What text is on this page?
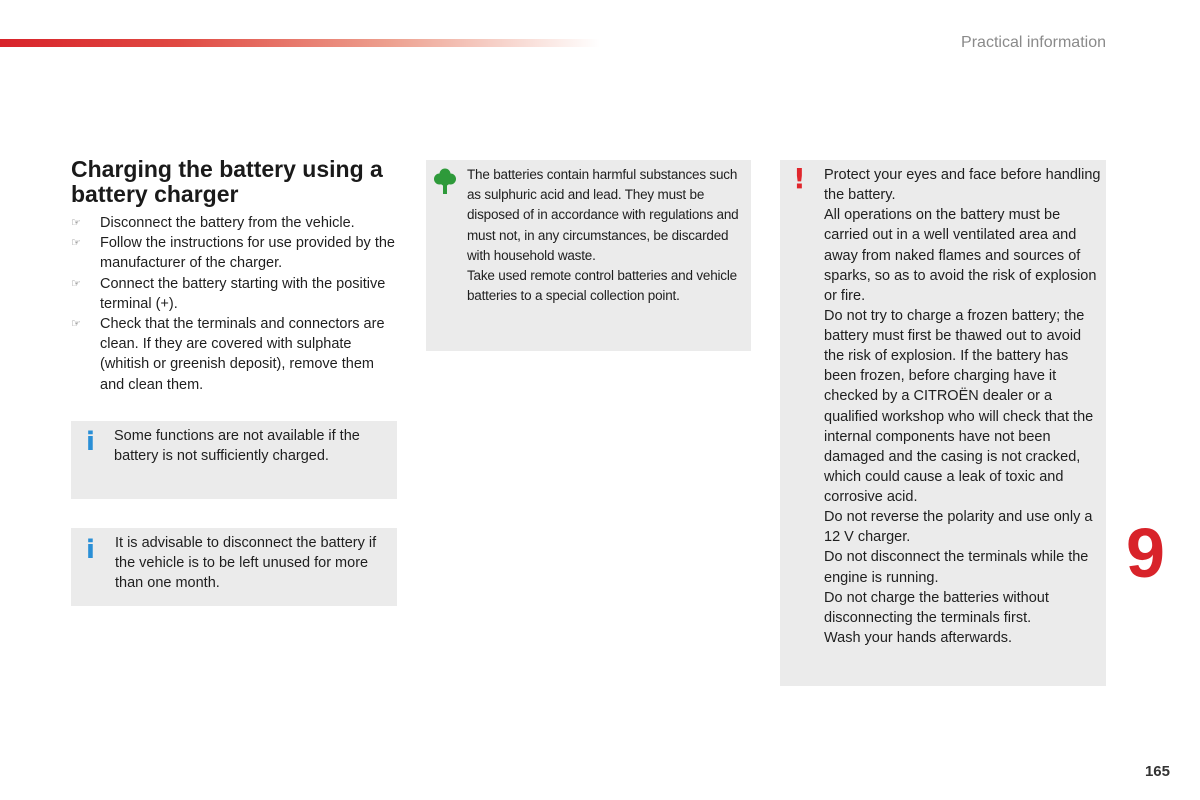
Practical information
Charging the battery using a battery charger
☞ Disconnect the battery from the vehicle.
☞ Follow the instructions for use provided by the manufacturer of the charger.
☞ Connect the battery starting with the positive terminal (+).
☞ Check that the terminals and connectors are clean. If they are covered with sulphate (whitish or greenish deposit), remove them and clean them.
i Some functions are not available if the battery is not sufficiently charged.
i It is advisable to disconnect the battery if the vehicle is to be left unused for more than one month.

The batteries contain harmful substances such as sulphuric acid and lead. They must be disposed of in accordance with regulations and must not, in any circumstances, be discarded with household waste.

Take used remote control batteries and vehicle batteries to a special collection point.

! Protect your eyes and face before handling the battery.

All operations on the battery must be carried out in a well ventilated area and away from naked flames and sources of sparks, so as to avoid the risk of explosion or fire.

Do not try to charge a frozen battery; the battery must first be thawed out to avoid the risk of explosion. If the battery has been frozen, before charging have it checked by a CITROËN dealer or a qualified workshop who will check that the internal components have not been damaged and the casing is not cracked, which could cause a leak of toxic and corrosive acid.

Do not reverse the polarity and use only a 12 V charger.

Do not disconnect the terminals while the engine is running.

Do not charge the batteries without disconnecting the terminals first.

Wash your hands afterwards.

9
165
